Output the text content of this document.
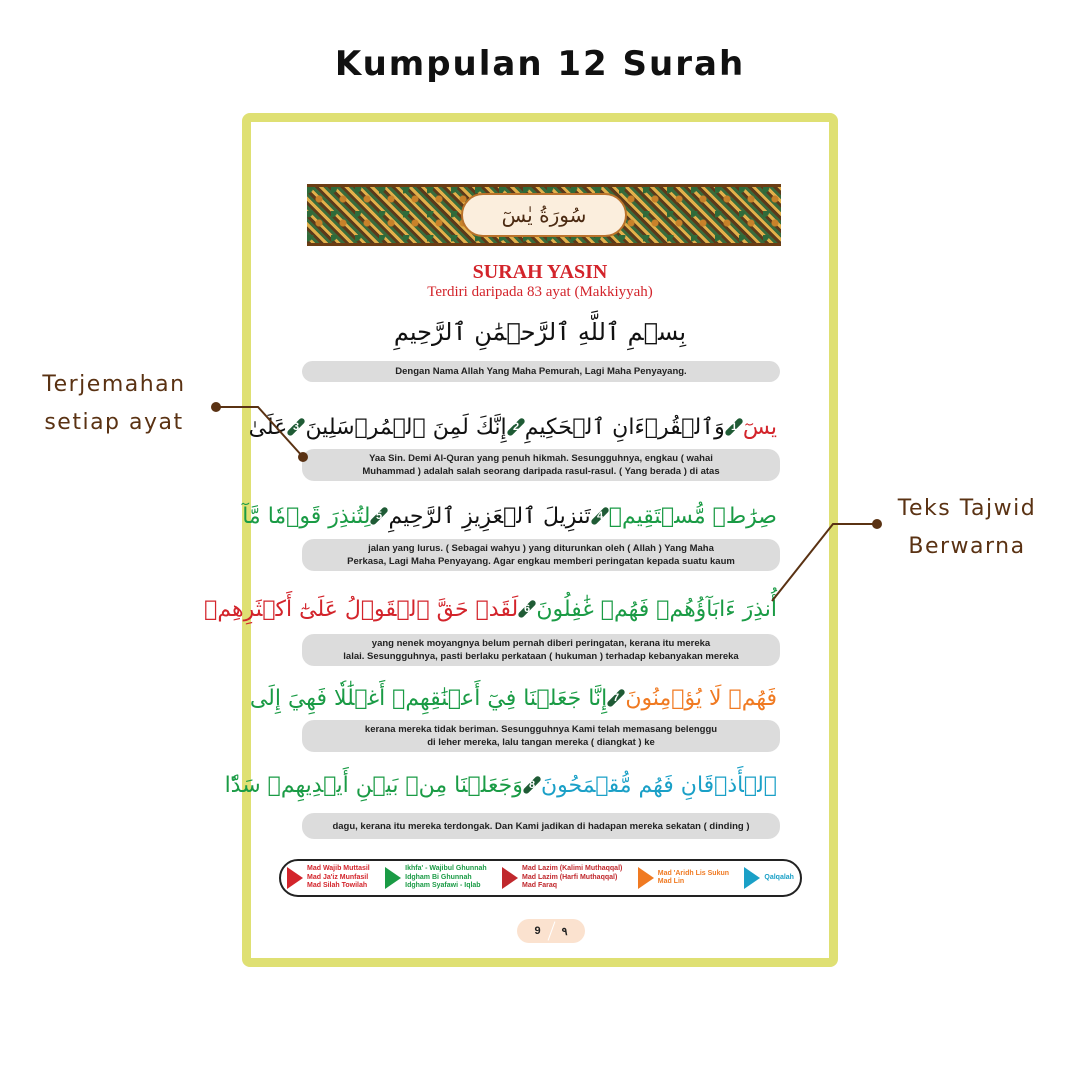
Kumpulan 12 Surah
سُورَةُ يٰسٓ
SURAH YASIN
Terdiri daripada 83 ayat (Makkiyyah)
بِسۡمِ ٱللَّهِ ٱلرَّحۡمَٰنِ ٱلرَّحِيمِ
Dengan Nama Allah Yang Maha Pemurah, Lagi Maha Penyayang.
يسٓ
1
وَٱلۡقُرۡءَانِ ٱلۡحَكِيمِ
2
إِنَّكَ لَمِنَ ٱلۡمُرۡسَلِينَ
3
عَلَىٰ
Yaa Sin. Demi Al-Quran yang penuh hikmah. Sesungguhnya, engkau ( wahai
Muhammad ) adalah salah seorang daripada rasul-rasul. ( Yang berada ) di atas
صِرَٰطٖ مُّسۡتَقِيمٖ
4
تَنزِيلَ ٱلۡعَزِيزِ ٱلرَّحِيمِ
5
لِتُنذِرَ قَوۡمٗا مَّآ
jalan yang lurus. ( Sebagai wahyu ) yang diturunkan oleh ( Allah ) Yang Maha
Perkasa, Lagi Maha Penyayang. Agar engkau memberi peringatan kepada suatu kaum
أُنذِرَ ءَابَآؤُهُمۡ فَهُمۡ غَٰفِلُونَ
6
لَقَدۡ حَقَّ ٱلۡقَوۡلُ عَلَىٰٓ أَكۡثَرِهِمۡ
yang nenek moyangnya belum pernah diberi peringatan, kerana itu mereka
lalai. Sesungguhnya, pasti berlaku perkataan ( hukuman ) terhadap kebanyakan mereka
فَهُمۡ لَا يُؤۡمِنُونَ
7
إِنَّا جَعَلۡنَا فِيٓ أَعۡنَٰقِهِمۡ أَغۡلَٰلٗا فَهِيَ إِلَى
kerana mereka tidak beriman. Sesungguhnya Kami telah memasang belenggu
di leher mereka, lalu tangan mereka ( diangkat ) ke
ٱلۡأَذۡقَانِ فَهُم مُّقۡمَحُونَ
8
وَجَعَلۡنَا مِنۢ بَيۡنِ أَيۡدِيهِمۡ سَدّٗا
dagu, kerana itu mereka terdongak. Dan Kami jadikan di hadapan mereka sekatan ( dinding )
Mad Wajib Muttasil
Mad Ja'iz Munfasil
Mad Silah Towilah
Ikhfa' - Wajibul Ghunnah
Idgham Bi Ghunnah
Idgham Syafawi - Iqlab
Mad Lazim (Kalimi Muthaqqal)
Mad Lazim (Harfi Muthaqqal)
Mad Faraq
Mad 'Aridh Lis Sukun
Mad Lin
Qalqalah
9 ٩
Terjemahan
setiap ayat
Teks Tajwid
Berwarna
